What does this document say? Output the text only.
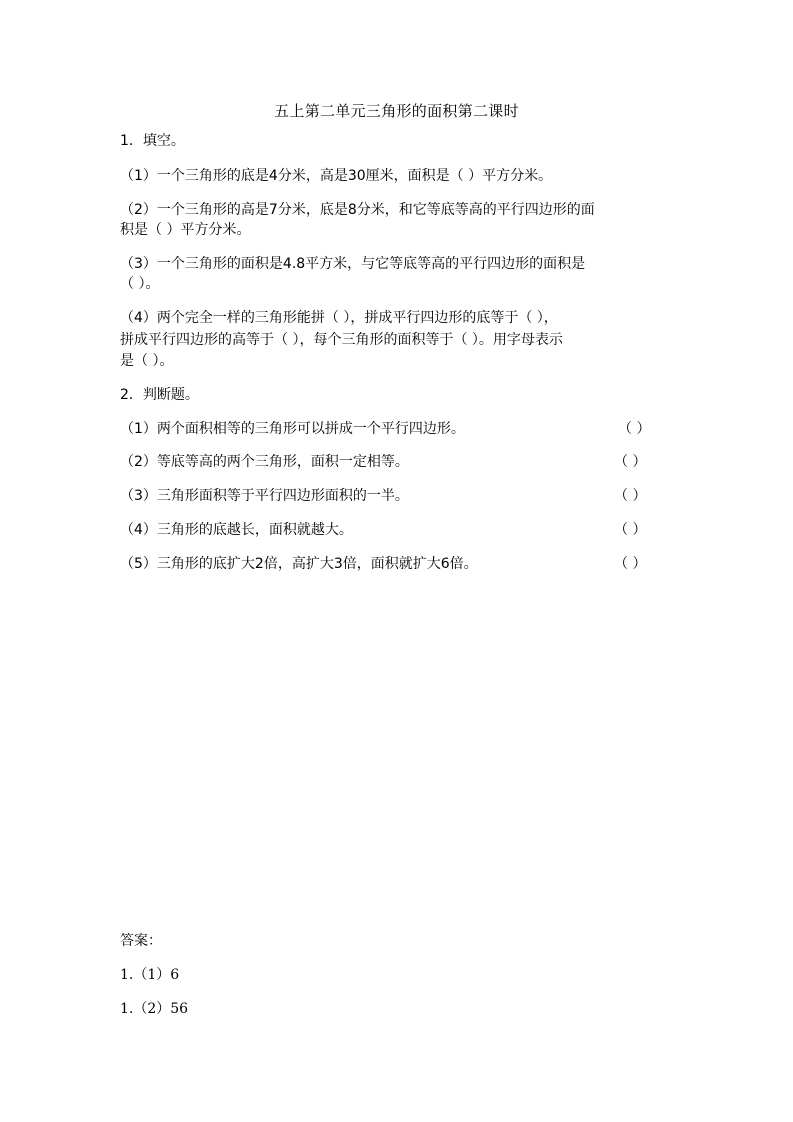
五上第二单元三角形的面积第二课时
1．填空。
（1）一个三角形的底是4分米，高是30厘米，面积是（ ）平方分米。
（2）一个三角形的高是7分米，底是8分米，和它等底等高的平行四边形的面
积是（ ）平方分米。
（3）一个三角形的面积是4.8平方米，与它等底等高的平行四边形的面积是
（ ）。
（4）两个完全一样的三角形能拼（ ），拼成平行四边形的底等于（ ），
拼成平行四边形的高等于（ ），每个三角形的面积等于（ ）。用字母表示
是（ ）。
2．判断题。
（1）两个面积相等的三角形可以拼成一个平行四边形。	（ ）
（2）等底等高的两个三角形，面积一定相等。	（ ）
（3）三角形面积等于平行四边形面积的一半。	（ ）
（4）三角形的底越长，面积就越大。	（ ）
（5）三角形的底扩大2倍，高扩大3倍，面积就扩大6倍。	（ ）
答案：
1.（1）6
1.（2）56
